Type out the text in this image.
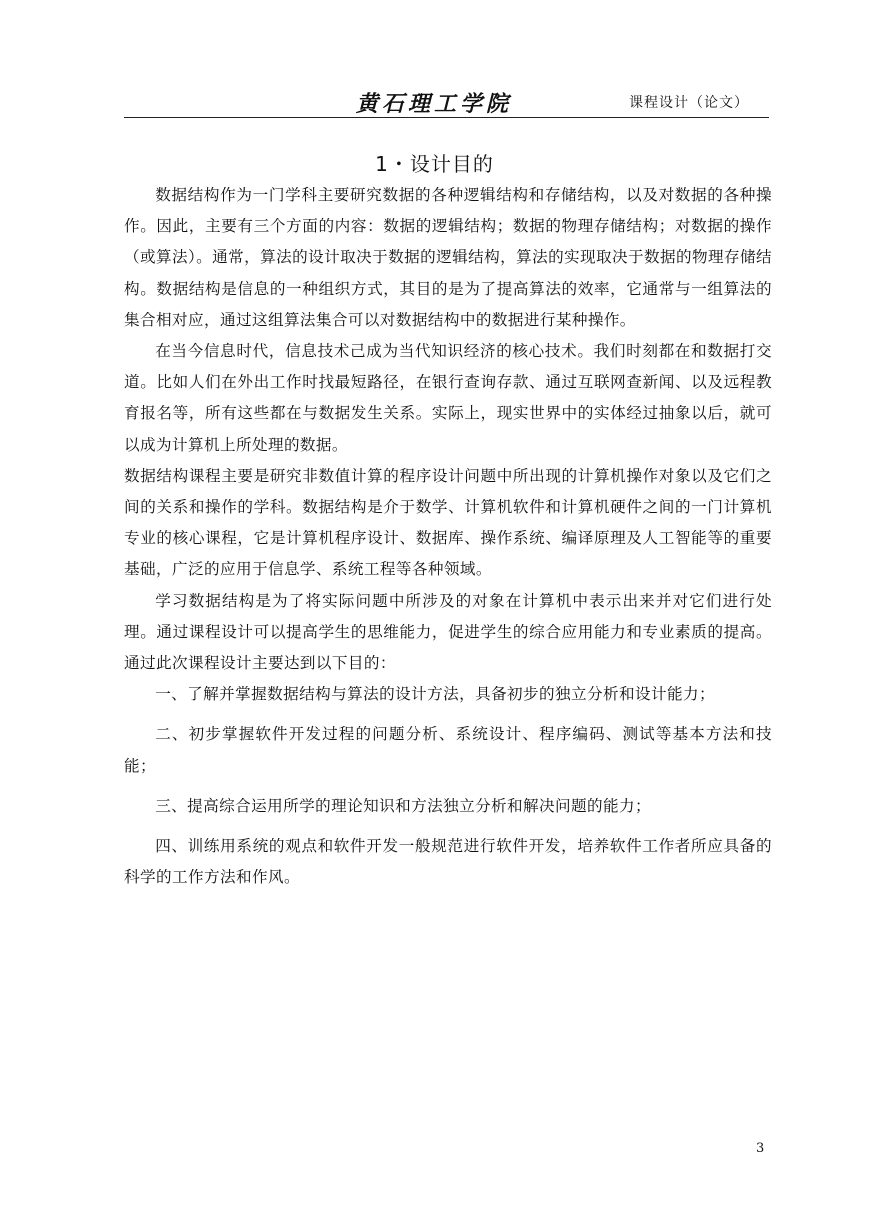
黄石理工学院	课程设计（论文）
1・设计目的

数据结构作为一门学科主要研究数据的各种逻辑结构和存储结构，以及对数据的各种操作。因此，主要有三个方面的内容：数据的逻辑结构；数据的物理存储结构；对数据的操作（或算法）。通常，算法的设计取决于数据的逻辑结构，算法的实现取决于数据的物理存储结构。数据结构是信息的一种组织方式，其目的是为了提高算法的效率，它通常与一组算法的集合相对应，通过这组算法集合可以对数据结构中的数据进行某种操作。

在当今信息时代，信息技术己成为当代知识经济的核心技术。我们时刻都在和数据打交道。比如人们在外出工作时找最短路径，在银行查询存款、通过互联网查新闻、以及远程教育报名等，所有这些都在与数据发生关系。实际上，现实世界中的实体经过抽象以后，就可以成为计算机上所处理的数据。

数据结构课程主要是研究非数值计算的程序设计问题中所出现的计算机操作对象以及它们之间的关系和操作的学科。数据结构是介于数学、计算机软件和计算机硬件之间的一门计算机专业的核心课程，它是计算机程序设计、数据库、操作系统、编译原理及人工智能等的重要基础，广泛的应用于信息学、系统工程等各种领域。

学习数据结构是为了将实际问题中所涉及的对象在计算机中表示出来并对它们进行处理。通过课程设计可以提高学生的思维能力，促进学生的综合应用能力和专业素质的提高。通过此次课程设计主要达到以下目的：

一、了解并掌握数据结构与算法的设计方法，具备初步的独立分析和设计能力；

二、初步掌握软件开发过程的问题分析、系统设计、程序编码、测试等基本方法和技能；

三、提高综合运用所学的理论知识和方法独立分析和解决问题的能力；

四、训练用系统的观点和软件开发一般规范进行软件开发，培养软件工作者所应具备的科学的工作方法和作风。

3
